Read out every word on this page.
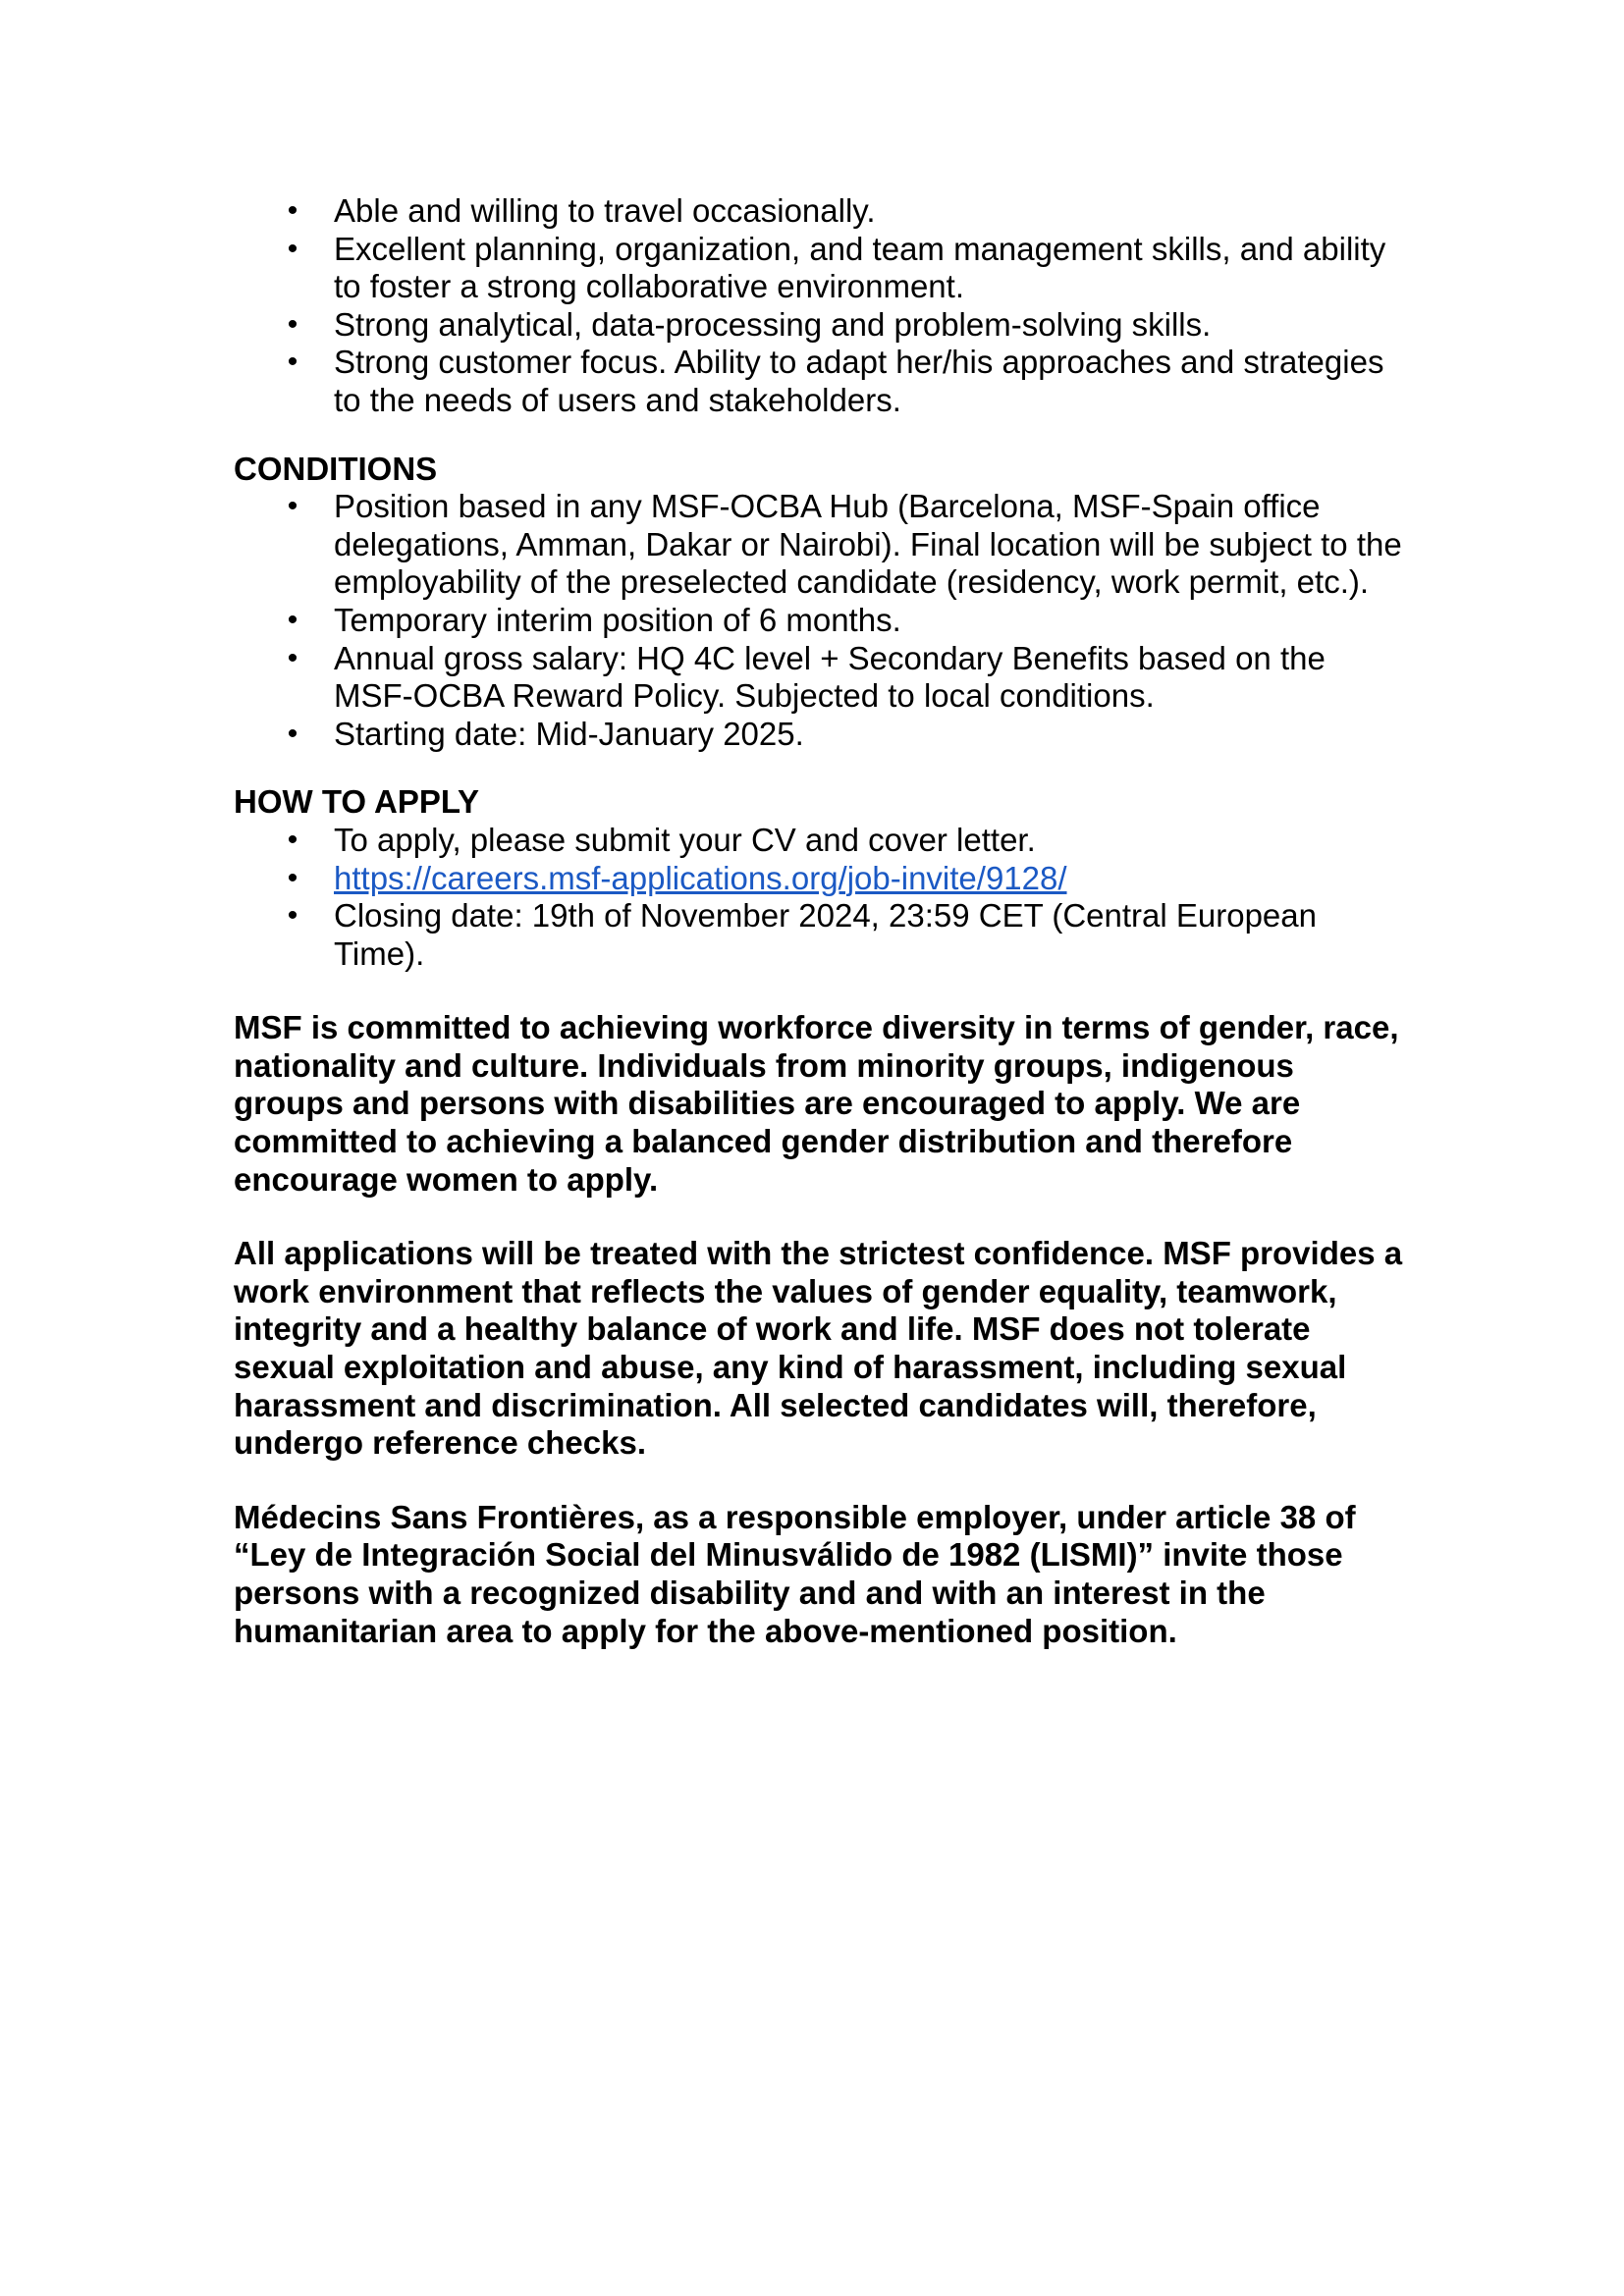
• Able and willing to travel occasionally.
• Excellent planning, organization, and team management skills, and ability to foster a strong collaborative environment.
• Strong analytical, data-processing and problem-solving skills.
• Strong customer focus. Ability to adapt her/his approaches and strategies to the needs of users and stakeholders.
CONDITIONS
• Position based in any MSF-OCBA Hub (Barcelona, MSF-Spain office delegations, Amman, Dakar or Nairobi). Final location will be subject to the employability of the preselected candidate (residency, work permit, etc.).
• Temporary interim position of 6 months.
• Annual gross salary: HQ 4C level + Secondary Benefits based on the MSF-OCBA Reward Policy. Subjected to local conditions.
• Starting date: Mid-January 2025.
HOW TO APPLY
• To apply, please submit your CV and cover letter.
• https://careers.msf-applications.org/job-invite/9128/
• Closing date: 19th of November 2024, 23:59 CET (Central European Time).

MSF is committed to achieving workforce diversity in terms of gender, race, nationality and culture. Individuals from minority groups, indigenous groups and persons with disabilities are encouraged to apply. We are committed to achieving a balanced gender distribution and therefore encourage women to apply.

All applications will be treated with the strictest confidence. MSF provides a work environment that reflects the values of gender equality, teamwork, integrity and a healthy balance of work and life. MSF does not tolerate sexual exploitation and abuse, any kind of harassment, including sexual harassment and discrimination. All selected candidates will, therefore, undergo reference checks.

Médecins Sans Frontières, as a responsible employer, under article 38 of “Ley de Integración Social del Minusválido de 1982 (LISMI)” invite those persons with a recognized disability and and with an interest in the humanitarian area to apply for the above-mentioned position.
